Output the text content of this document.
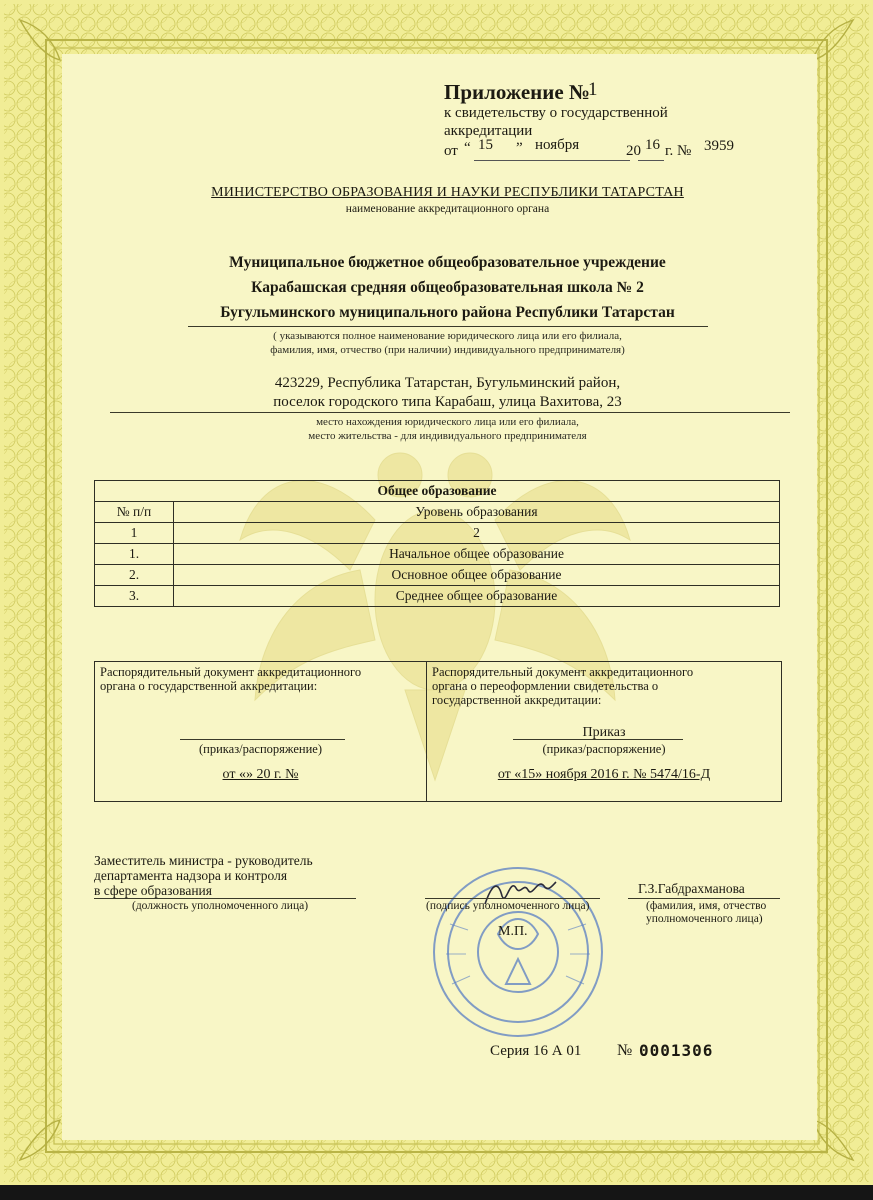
Приложение №
1
к свидетельству о государственной
аккредитации
от “ 15 ” ноября	20 16 г. № 3959
МИНИСТЕРСТВО ОБРАЗОВАНИЯ И НАУКИ РЕСПУБЛИКИ ТАТАРСТАН
наименование аккредитационного органа
Муниципальное бюджетное общеобразовательное учреждение
Карабашская средняя общеобразовательная школа № 2
Бугульминского муниципального района Республики Татарстан
( указываются полное наименование юридического лица или его филиала,
фамилия, имя, отчество (при наличии) индивидуального предпринимателя)
423229, Республика Татарстан, Бугульминский район,
поселок городского типа Карабаш, улица Вахитова, 23
место нахождения юридического лица или его филиала,
место жительства - для индивидуального предпринимателя
Общее образование	
№ п/п	Уровень образования
1	2
1.	Начальное общее образование
2.	Основное общее образование
3.	Среднее общее образование
Распорядительный документ аккредитационного
органа о государственной аккредитации:
(приказ/распоряжение)
от «» 20 г. №
Распорядительный документ аккредитационного
органа о переоформлении свидетельства о
государственной аккредитации:
Приказ
(приказ/распоряжение)
от «15» ноября 2016 г. № 5474/16-Д
Заместитель министра - руководитель
департамента надзора и контроля
в сфере образования
(должность уполномоченного лица)	(подпись уполномоченного лица)
М.П.
Г.З.Габдрахманова
(фамилия, имя, отчество
уполномоченного лица)
Серия 16 А 01 № 0001306
